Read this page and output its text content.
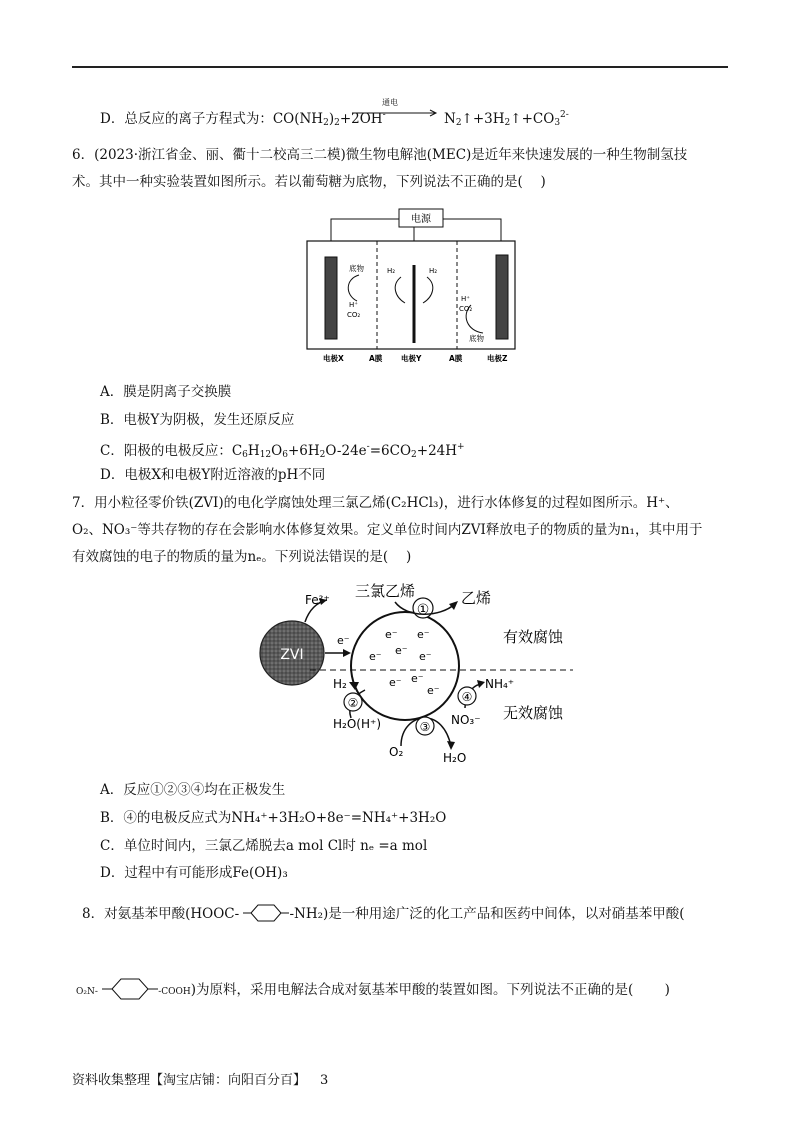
D．总反应的离子方程式为：$CO(NH_2)_2+2OH^-$
通电
$N_2↑+3H_2↑+CO_3^{2-}$
6．(2023·浙江省金、丽、衢十二校高三二模)微生物电解池(MEC)是近年来快速发展的一种生物制氢技
术。其中一种实验装置如图所示。若以葡萄糖为底物，下列说法不正确的是(　 )
电源
底物
H⁺
CO₂
H₂	H₂
H⁺
CO₂
底物
电极X	A膜 电极Y	A膜	电极Z
A．膜是阴离子交换膜
B．电极Y为阴极，发生还原反应
C．阳极的电极反应：$C_6H_{12}O_6+6H_2O-24e^-=6CO_2+24H^+$
D．电极X和电极Y附近溶液的pH不同
7．用小粒径零价铁(ZVI)的电化学腐蚀处理三氯乙烯(C₂HCl₃)，进行水体修复的过程如图所示。H⁺、
O₂、NO₃⁻等共存物的存在会影响水体修复效果。定义单位时间内ZVI释放电子的物质的量为n₁，其中用于
有效腐蚀的电子的物质的量为nₑ。下列说法错误的是(　 )
ZVI
Fe²⁺
e⁻	e⁻ e⁻
e⁻ e⁻ e⁻
e⁻ e⁻
e⁻
三氯乙烯
①
乙烯
有效腐蚀
H₂
②
H₂O(H⁺)	③
O₂	H₂O
④
NH₄⁺
NO₃⁻ 无效腐蚀
A．反应①②③④均在正极发生
B．④的电极反应式为NH₄⁺+3H₂O+8e⁻=NH₄⁺+3H₂O
C．单位时间内，三氯乙烯脱去a mol Cl时 nₑ =a mol
D．过程中有可能形成Fe(OH)₃
8．对氨基苯甲酸(HOOC-	-NH₂)是一种用途广泛的化工产品和医药中间体，以对硝基苯甲酸(
O₂N-	-COOH)为原料，采用电解法合成对氨基苯甲酸的装置如图。下列说法不正确的是(　 　)
资料收集整理【淘宝店铺：向阳百分百】 3
